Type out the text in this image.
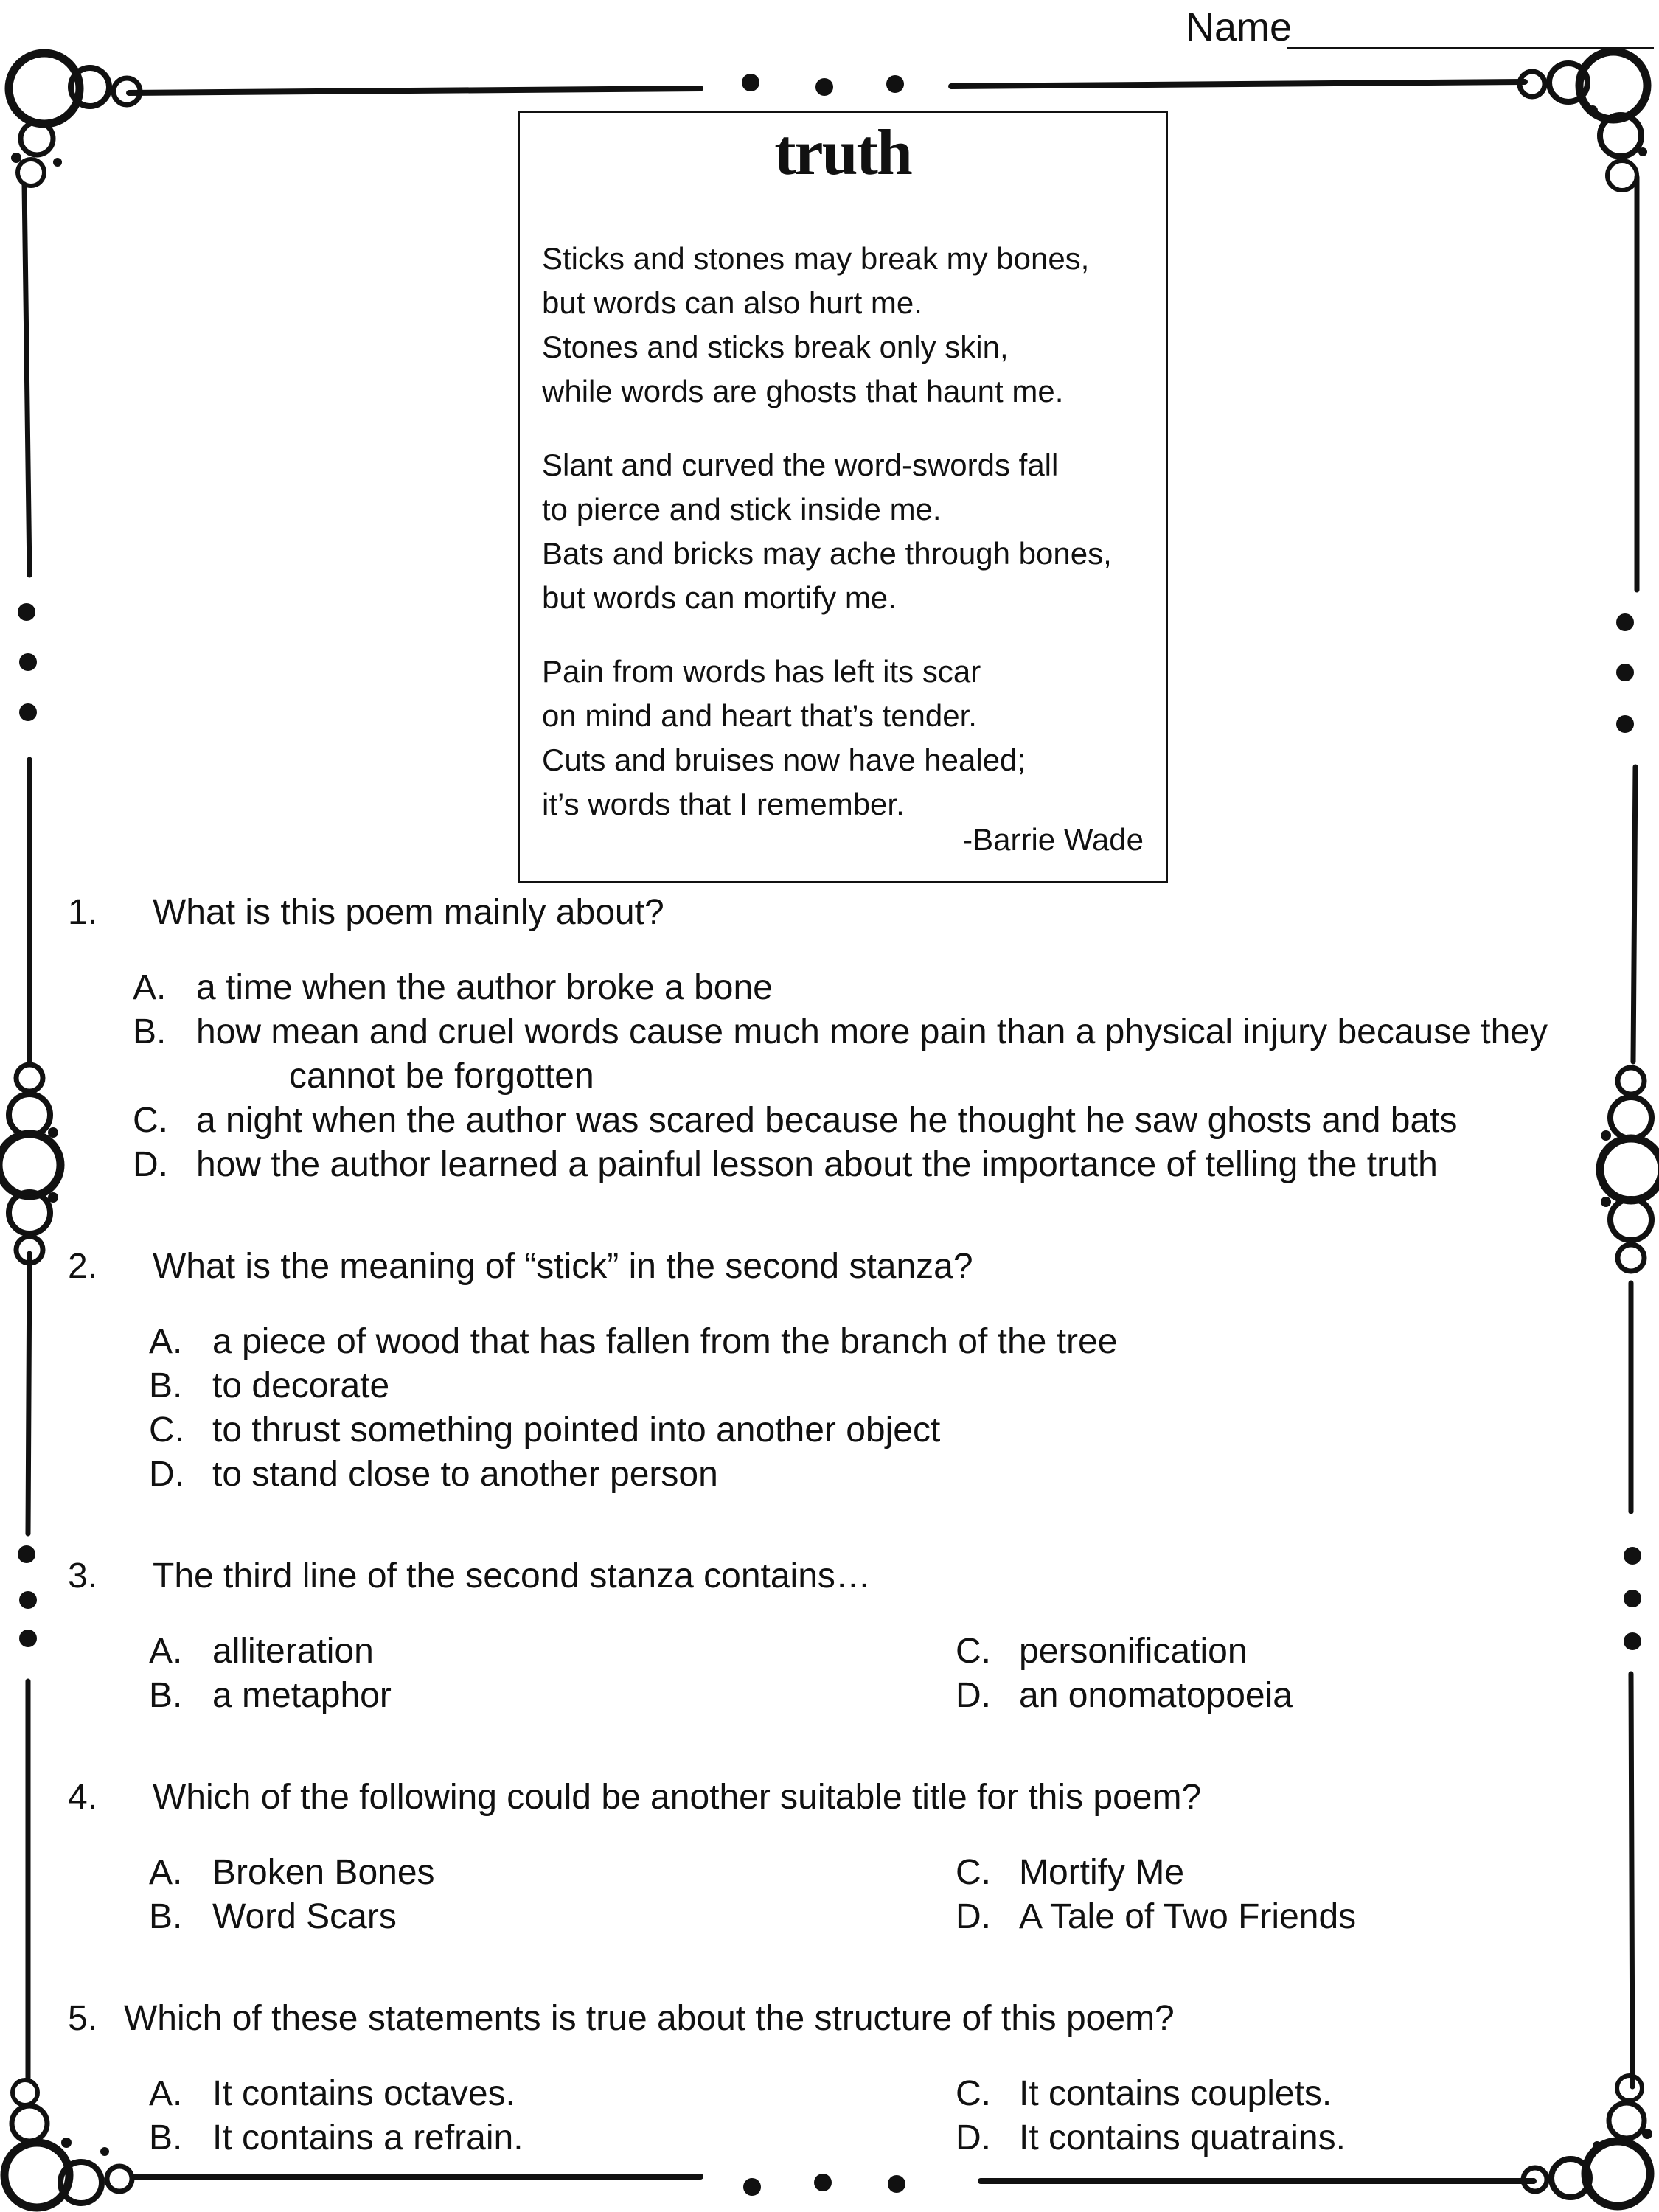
Name
truth
Sticks and stones may break my bones,
but words can also hurt me.
Stones and sticks break only skin,
while words are ghosts that haunt me.
Slant and curved the word-swords fall
to pierce and stick inside me.
Bats and bricks may ache through bones,
but words can mortify me.
Pain from words has left its scar
on mind and heart that’s tender.
Cuts and bruises now have healed;
it’s words that I remember.
-Barrie Wade
1. What is this poem mainly about?
A. a time when the author broke a bone
B. how mean and cruel words cause much more pain than a physical injury because they
cannot be forgotten
C. a night when the author was scared because he thought he saw ghosts and bats
D. how the author learned a painful lesson about the importance of telling the truth
2. What is the meaning of “stick” in the second stanza?
A. a piece of wood that has fallen from the branch of the tree
B. to decorate
C. to thrust something pointed into another object
D. to stand close to another person
3. The third line of the second stanza contains…
A. alliteration
B. a metaphor
C. personification
D. an onomatopoeia
4. Which of the following could be another suitable title for this poem?
A. Broken Bones
B. Word Scars
C. Mortify Me
D. A Tale of Two Friends
5. Which of these statements is true about the structure of this poem?
A. It contains octaves.
B. It contains a refrain.
C. It contains couplets.
D. It contains quatrains.
